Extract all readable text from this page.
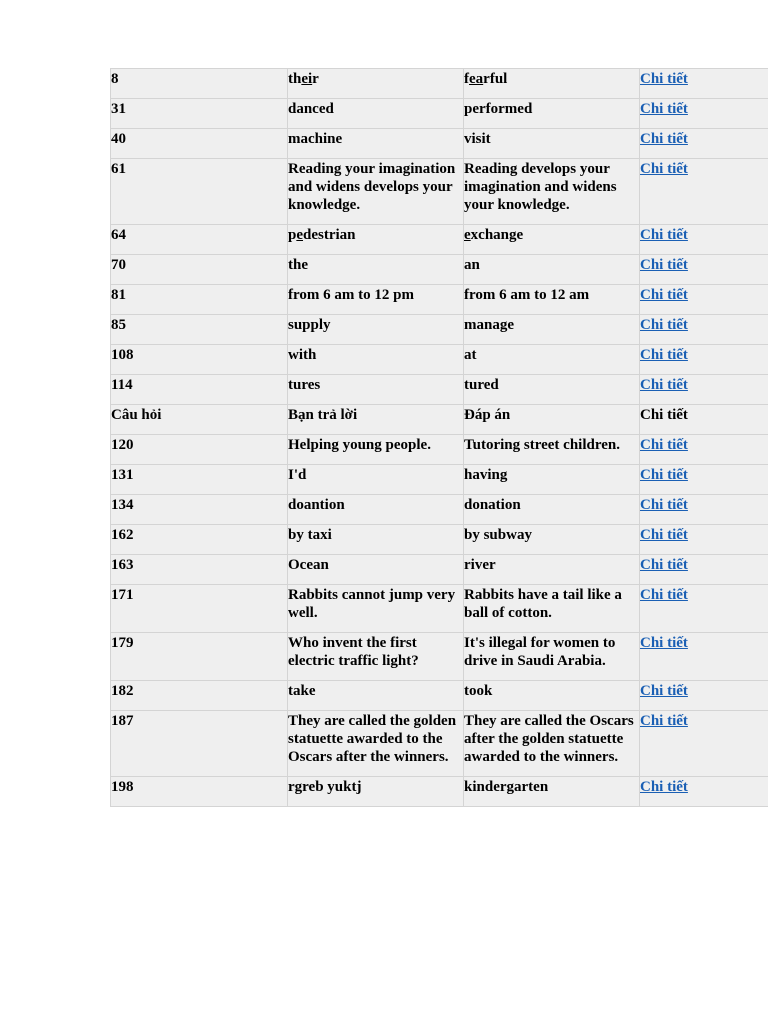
8	their	fearful	Chi tiết
31	danced	performed	Chi tiết
40	machine	visit	Chi tiết
61	Reading your imagination and widens develops your knowledge.	Reading develops your imagination and widens your knowledge.	Chi tiết
64	pedestrian	exchange	Chi tiết
70	the	an	Chi tiết
81	from 6 am to 12 pm	from 6 am to 12 am	Chi tiết
85	supply	manage	Chi tiết
108	with	at	Chi tiết
114	tures	tured	Chi tiết
Câu hỏi	Bạn trả lời	Đáp án	Chi tiết
120	Helping young people.	Tutoring street children.	Chi tiết
131	I'd	having	Chi tiết
134	doantion	donation	Chi tiết
162	by taxi	by subway	Chi tiết
163	Ocean	river	Chi tiết
171	Rabbits cannot jump very well.	Rabbits have a tail like a ball of cotton.	Chi tiết
179	Who invent the first electric traffic light?	It's illegal for women to drive in Saudi Arabia.	Chi tiết
182	take	took	Chi tiết
187	They are called the golden statuette awarded to the Oscars after the winners.	They are called the Oscars after the golden statuette awarded to the winners.	Chi tiết
198	rgreb yuktj	kindergarten	Chi tiết
